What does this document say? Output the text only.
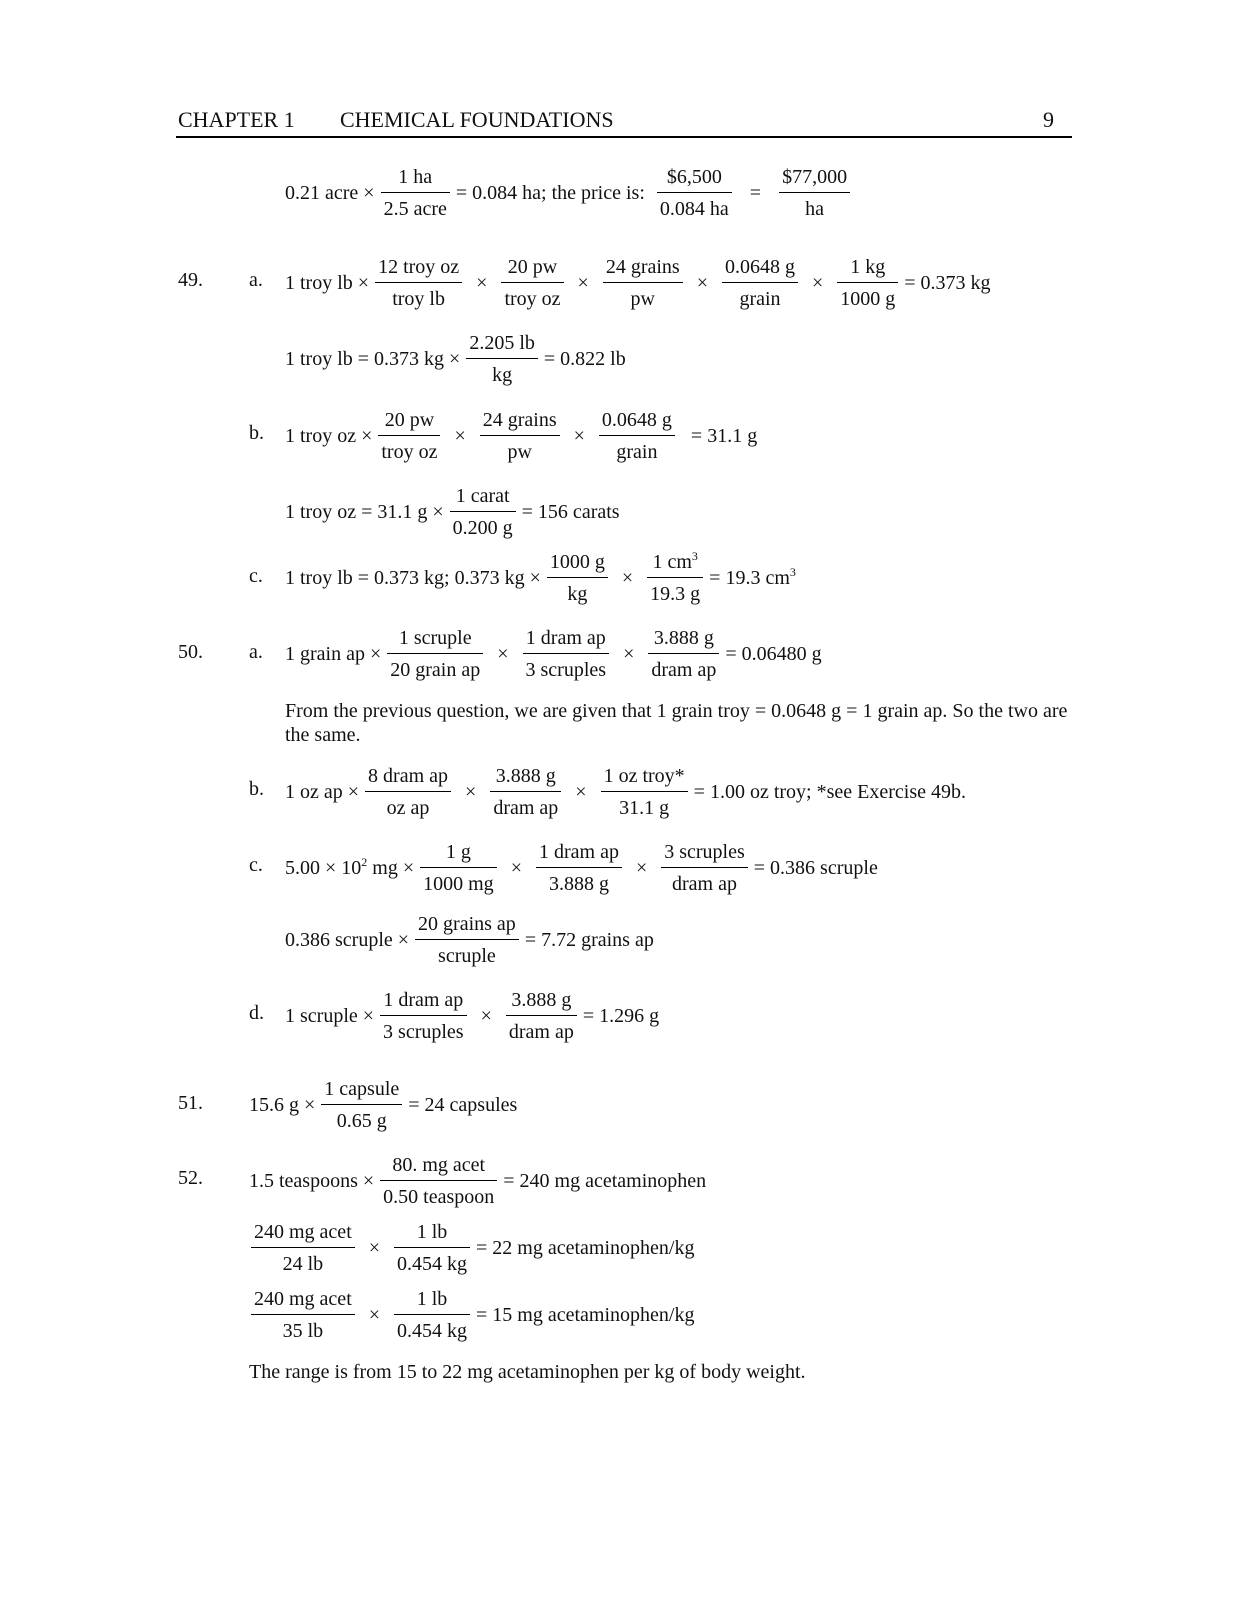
CHAPTER 1 CHEMICAL FOUNDATIONS	9
0.21 acre × $\frac{1 ha}{\text{2.5 acre}} = 0.084$ ha; the price is: $\frac{\$6,500}{0.084 ha} = \frac{\$77,000}{ha}$
49. a. 1 troy lb × $\frac{\text{12 troy oz}}{\text{troy lb}} \times \frac{20 pw}{\text{troy oz}} \times \frac{\text{24 grains}}{pw} \times \frac{0.0648 g}{\text{grain}} \times \frac{1 kg}{1000 g} = 0.373$ kg
1 troy lb = 0.373 kg × $\frac{2.205 lb}{kg} = 0.822$ lb
b. 1 troy oz × $\frac{20 pw}{\text{troy oz}} \times \frac{\text{24 grains}}{pw} \times \frac{0.0648 g}{\text{grain}} = 31.1$ g
1 troy oz = 31.1 $g \times \frac{\text{1 carat}}{0.200 g} = 156$ carats
c. 1 troy lb = 0.373 kg; 0.373 kg × $\frac{1000 g}{kg} \times \frac{1 cm^3}{19.3 g} = 19.3$ $cm^3$
50. a. 1 grain ap × $\frac{\text{1 scruple}}{\text{20 grain ap}} \times \frac{\text{1 dram ap}}{\text{3 scruples}} \times \frac{3.888 g}{\text{dram ap}} = 0.06480$ g
From the previous question, we are given that 1 grain troy = 0.0648 g = 1 grain ap. So the two are the same.
b. 1 oz ap × $\frac{\text{8 dram ap}}{\text{oz ap}} \times \frac{3.888 g}{\text{dram ap}} \times \frac{\text{1 oz troy*}}{31.1 g} = 1.00$ oz troy; *see Exercise 49b.
c. $5.00 \times 10^2$ mg × $\frac{1 g}{1000 mg} \times \frac{\text{1 dram ap}}{3.888 g} \times \frac{\text{3 scruples}}{\text{dram ap}} = 0.386$ scruple
0.386 scruple × $\frac{\text{20 grains ap}}{\text{scruple}} = 7.72$ grains ap
d. 1 scruple × $\frac{\text{1 dram ap}}{\text{3 scruples}} \times \frac{3.888 g}{\text{dram ap}} = 1.296$ g
51. 15.6 $g \times \frac{\text{1 capsule}}{0.65 g} = 24$ capsules
52. 1.5 teaspoons × $\frac{\text{80. mg acet}}{\text{0.50 teaspoon}} = 240$ mg acetaminophen
$\frac{\text{240 mg acet}}{24 lb} \times \frac{1 lb}{0.454 kg} = 22$ mg acetaminophen/kg
$\frac{\text{240 mg acet}}{35 lb} \times \frac{1 lb}{0.454 kg} = 15$ mg acetaminophen/kg
The range is from 15 to 22 mg acetaminophen per kg of body weight.
